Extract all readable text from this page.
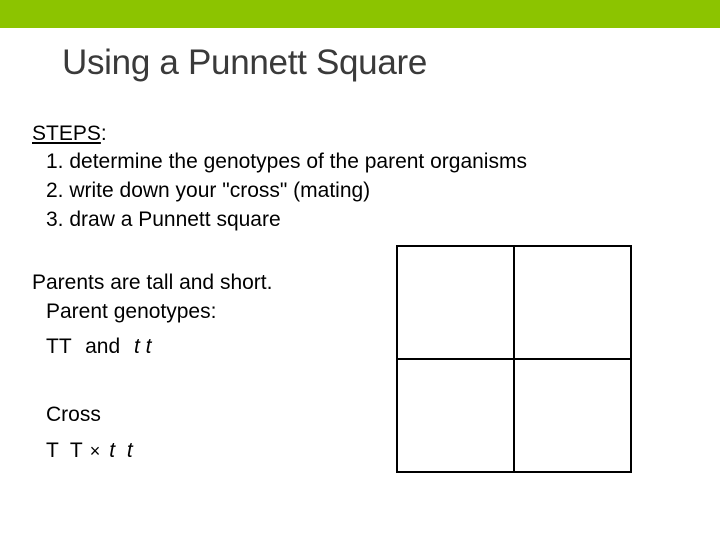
Using a Punnett Square
STEPS:
1. determine the genotypes of the parent organisms
2. write down your "cross" (mating)
3. draw a Punnett square
Parents are tall and short.
Parent genotypes:
TT and t t
Cross
T T × t t
